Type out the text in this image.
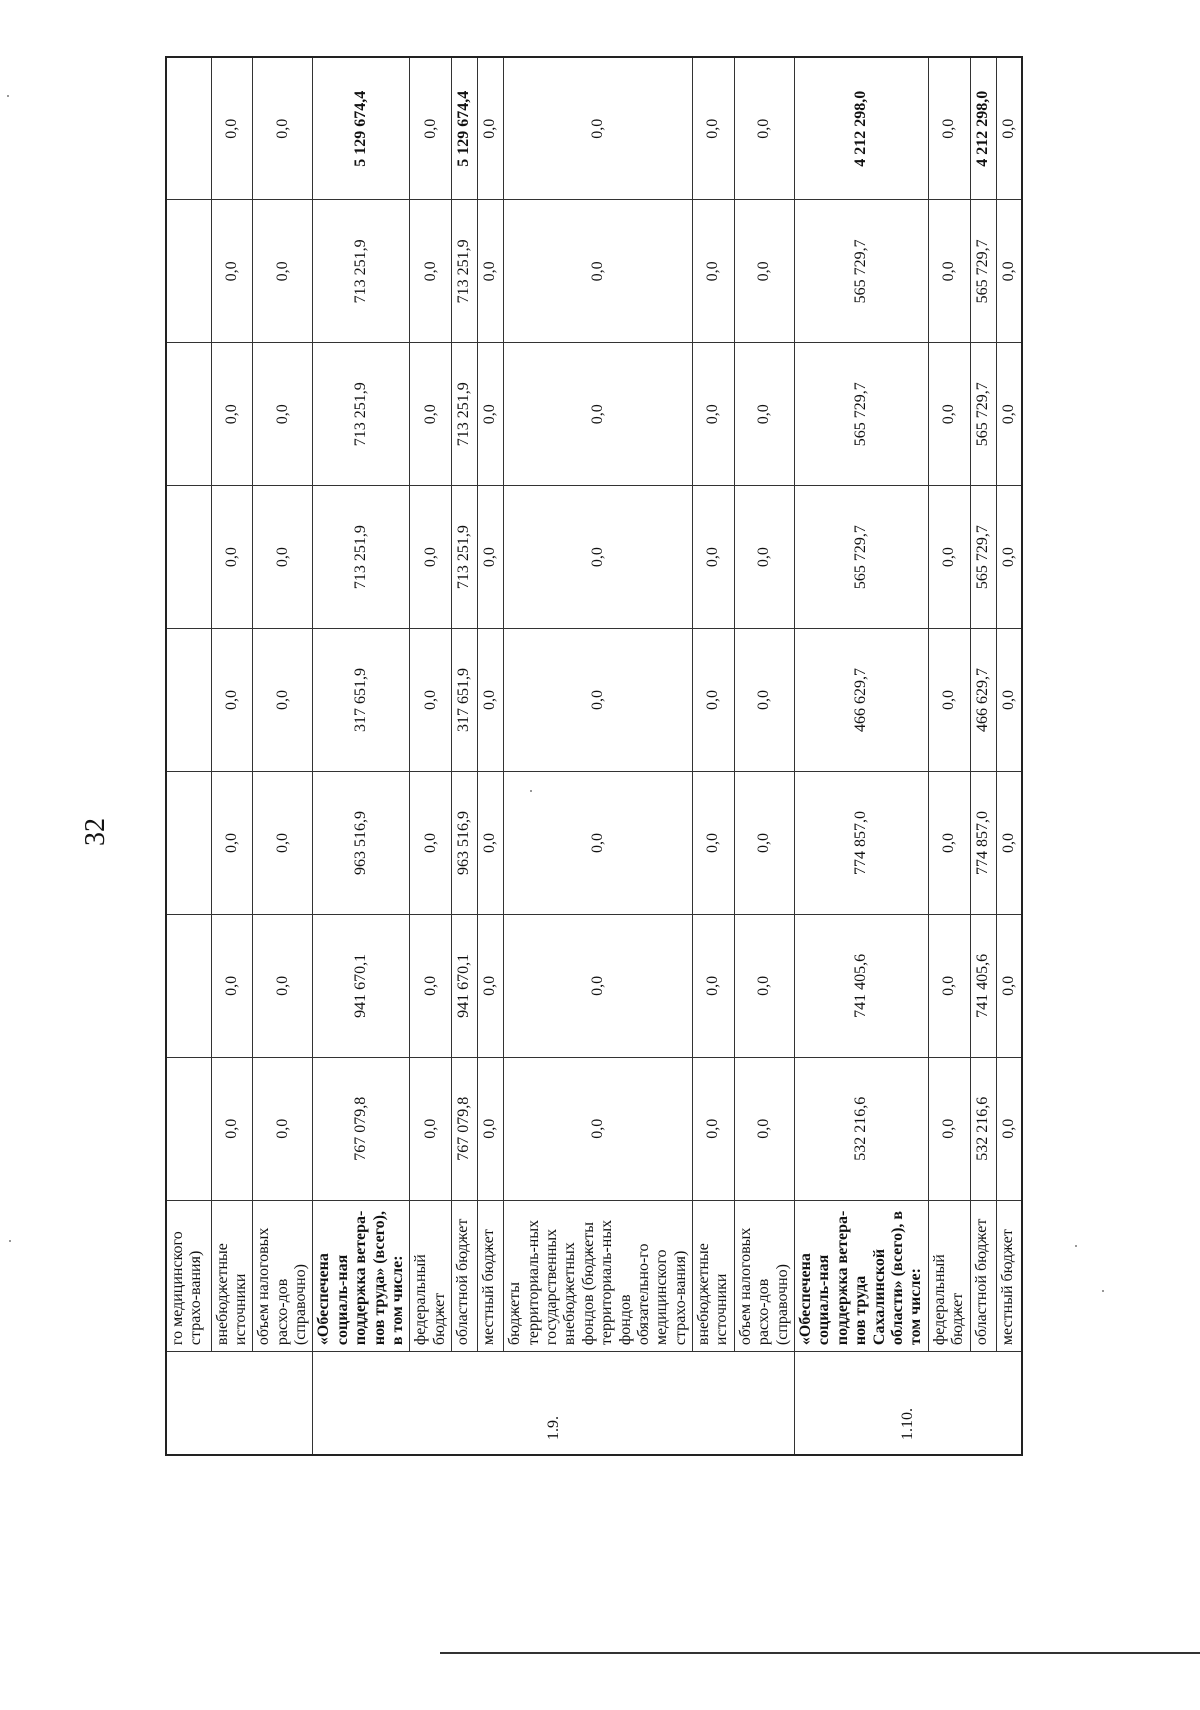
32
	го медицинского страхо-вания)								
	внебюджетные источники	0,0	0,0	0,0	0,0	0,0	0,0	0,0	0,0
	объем налоговых расхо-дов (справочно)	0,0	0,0	0,0	0,0	0,0	0,0	0,0	0,0
1.9.	«Обеспечена социаль-ная поддержка ветера-нов труда» (всего), в том числе:	767 079,8	941 670,1	963 516,9	317 651,9	713 251,9	713 251,9	713 251,9	5 129 674,4
	федеральный бюджет	0,0	0,0	0,0	0,0	0,0	0,0	0,0	0,0
	областной бюджет	767 079,8	941 670,1	963 516,9	317 651,9	713 251,9	713 251,9	713 251,9	5 129 674,4
	местный бюджет	0,0	0,0	0,0	0,0	0,0	0,0	0,0	0,0
	бюджеты территориаль-ных государственных внебюджетных фондов (бюджеты территориаль-ных фондов обязательно-го медицинского страхо-вания)	0,0	0,0	0,0	0,0	0,0	0,0	0,0	0,0
	внебюджетные источники	0,0	0,0	0,0	0,0	0,0	0,0	0,0	0,0
	объем налоговых расхо-дов (справочно)	0,0	0,0	0,0	0,0	0,0	0,0	0,0	0,0
1.10.	«Обеспечена социаль-ная поддержка ветера-нов труда Сахалинской области» (всего), в том числе:	532 216,6	741 405,6	774 857,0	466 629,7	565 729,7	565 729,7	565 729,7	4 212 298,0
	федеральный бюджет	0,0	0,0	0,0	0,0	0,0	0,0	0,0	0,0
	областной бюджет	532 216,6	741 405,6	774 857,0	466 629,7	565 729,7	565 729,7	565 729,7	4 212 298,0
	местный бюджет	0,0	0,0	0,0	0,0	0,0	0,0	0,0	0,0
